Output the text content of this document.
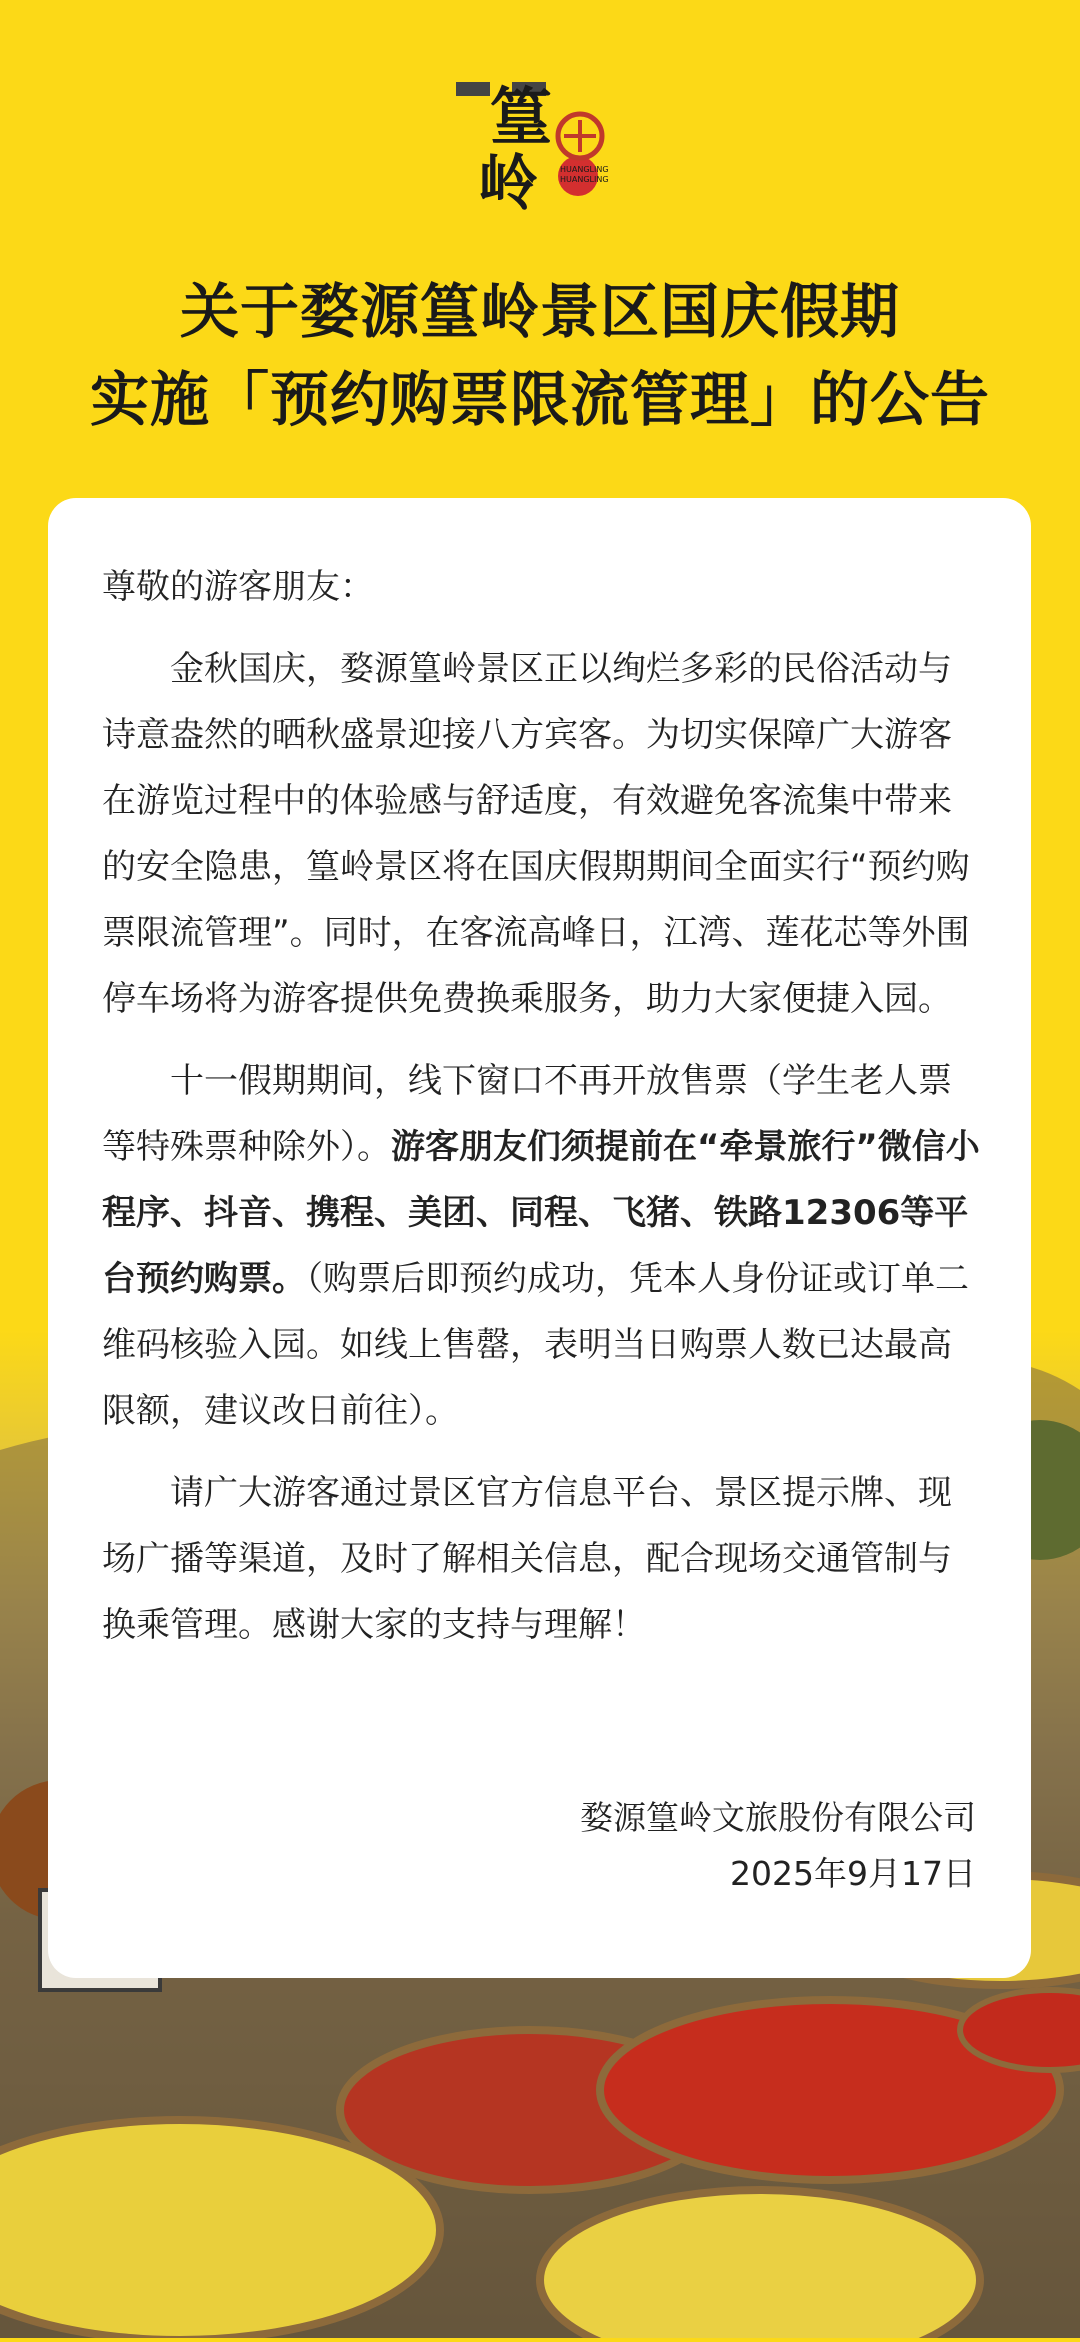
篁
岭	HUANGLING
HUANGLING
关于婺源篁岭景区国庆假期
实施「预约购票限流管理」的公告

尊敬的游客朋友：

金秋国庆，婺源篁岭景区正以绚烂多彩的民俗活动与诗意盎然的晒秋盛景迎接八方宾客。为切实保障广大游客在游览过程中的体验感与舒适度，有效避免客流集中带来的安全隐患，篁岭景区将在国庆假期期间全面实行“预约购票限流管理”。同时，在客流高峰日，江湾、莲花芯等外围停车场将为游客提供免费换乘服务，助力大家便捷入园。

十一假期期间，线下窗口不再开放售票（学生老人票等特殊票种除外）。游客朋友们须提前在“牵景旅行”微信小程序、抖音、携程、美团、同程、飞猪、铁路12306等平台预约购票。（购票后即预约成功，凭本人身份证或订单二维码核验入园。如线上售罄，表明当日购票人数已达最高限额，建议改日前往）。

请广大游客通过景区官方信息平台、景区提示牌、现场广播等渠道，及时了解相关信息，配合现场交通管制与换乘管理。感谢大家的支持与理解！

婺源篁岭文旅股份有限公司
2025年9月17日
